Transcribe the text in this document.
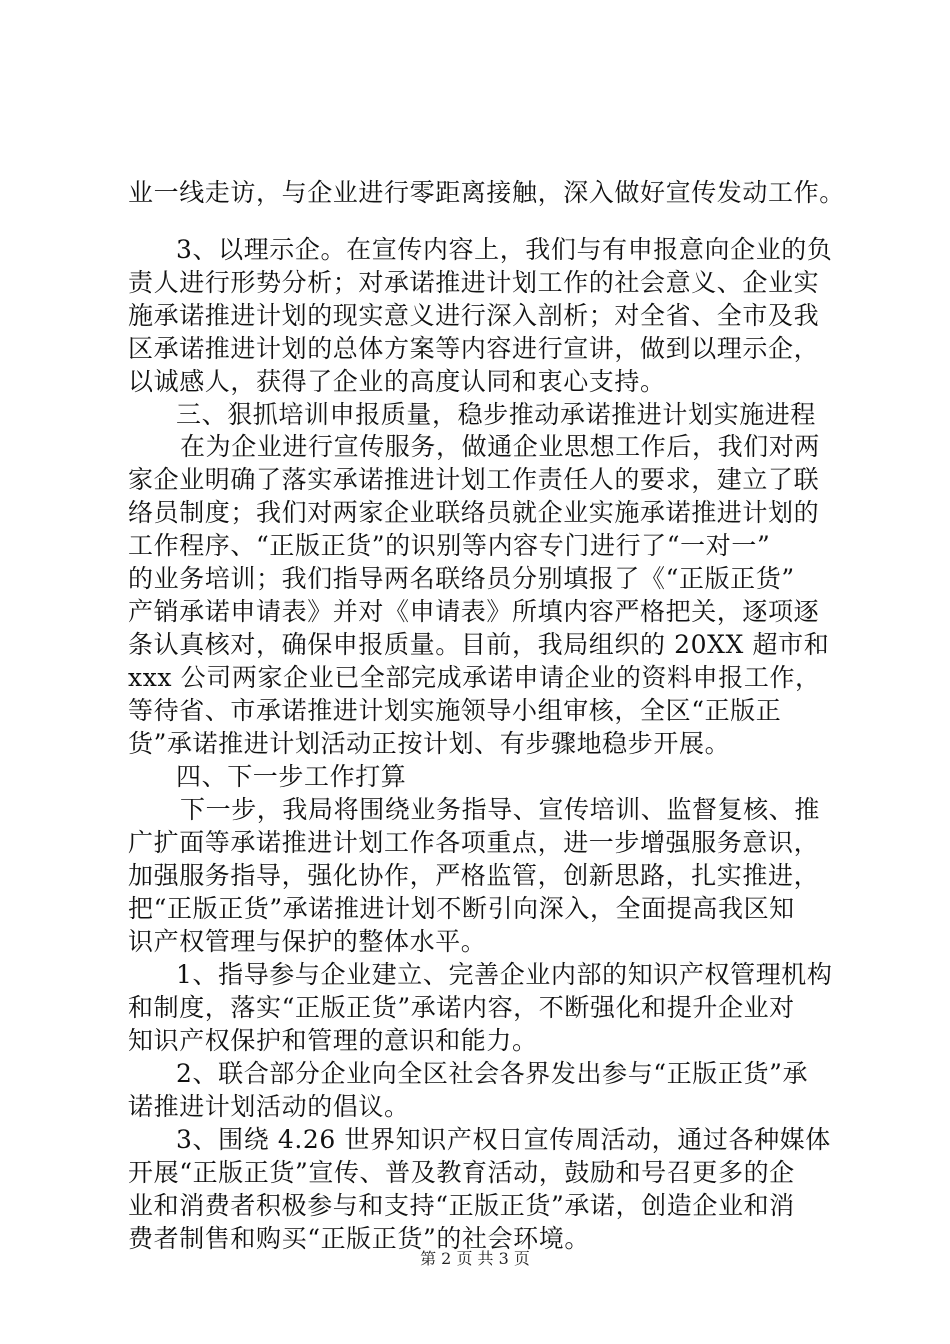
业一线走访，与企业进行零距离接触，深入做好宣传发动工作。
3、以理示企。在宣传内容上，我们与有申报意向企业的负
责人进行形势分析；对承诺推进计划工作的社会意义、企业实
施承诺推进计划的现实意义进行深入剖析；对全省、全市及我
区承诺推进计划的总体方案等内容进行宣讲，做到以理示企，
以诚感人，获得了企业的高度认同和衷心支持。
三、狠抓培训申报质量，稳步推动承诺推进计划实施进程
在为企业进行宣传服务，做通企业思想工作后，我们对两
家企业明确了落实承诺推进计划工作责任人的要求，建立了联
络员制度；我们对两家企业联络员就企业实施承诺推进计划的
工作程序、“正版正货”的识别等内容专门进行了“一对一”
的业务培训；我们指导两名联络员分别填报了《“正版正货”
产销承诺申请表》并对《申请表》所填内容严格把关，逐项逐
条认真核对，确保申报质量。目前，我局组织的 20XX 超市和
xxx 公司两家企业已全部完成承诺申请企业的资料申报工作，
等待省、市承诺推进计划实施领导小组审核，全区“正版正
货”承诺推进计划活动正按计划、有步骤地稳步开展。
四、下一步工作打算
下一步，我局将围绕业务指导、宣传培训、监督复核、推
广扩面等承诺推进计划工作各项重点，进一步增强服务意识，
加强服务指导，强化协作，严格监管，创新思路，扎实推进，
把“正版正货”承诺推进计划不断引向深入，全面提高我区知
识产权管理与保护的整体水平。
1、指导参与企业建立、完善企业内部的知识产权管理机构
和制度，落实“正版正货”承诺内容，不断强化和提升企业对
知识产权保护和管理的意识和能力。
2、联合部分企业向全区社会各界发出参与“正版正货”承
诺推进计划活动的倡议。
3、围绕 4.26 世界知识产权日宣传周活动，通过各种媒体
开展“正版正货”宣传、普及教育活动，鼓励和号召更多的企
业和消费者积极参与和支持“正版正货”承诺，创造企业和消
费者制售和购买“正版正货”的社会环境。
第 2 页 共 3 页
